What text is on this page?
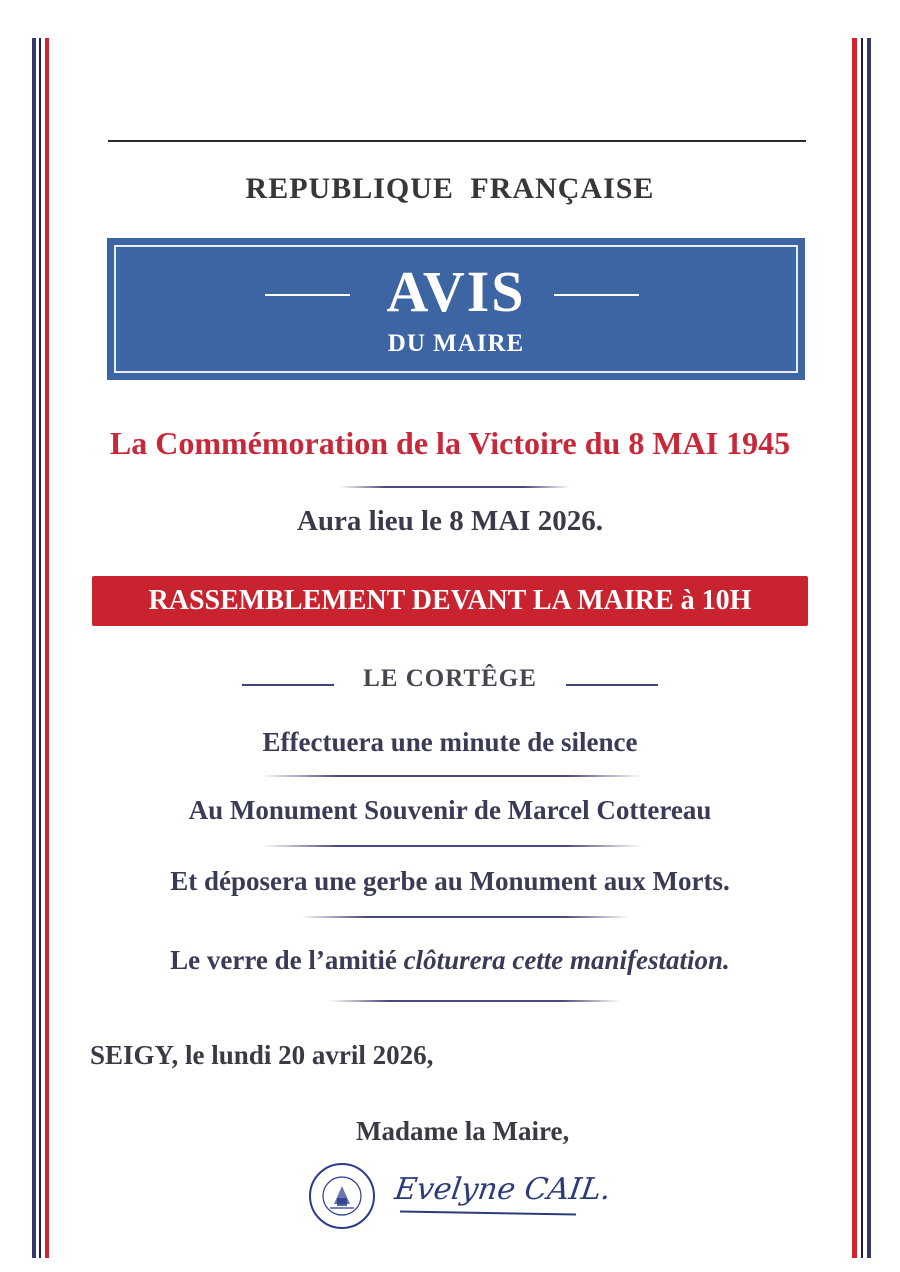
REPUBLIQUE FRANÇAISE
AVIS
DU MAIRE
La Commémoration de la Victoire du 8 MAI 1945
Aura lieu le 8 MAI 2026.
RASSEMBLEMENT DEVANT LA MAIRE à 10H
LE CORTÊGE
Effectuera une minute de silence
Au Monument Souvenir de Marcel Cottereau
Et déposera une gerbe au Monument aux Morts.
Le verre de l’amitié clôturera cette manifestation.
SEIGY, le lundi 20 avril 2026,
Madame la Maire,
Evelyne CAIL.
